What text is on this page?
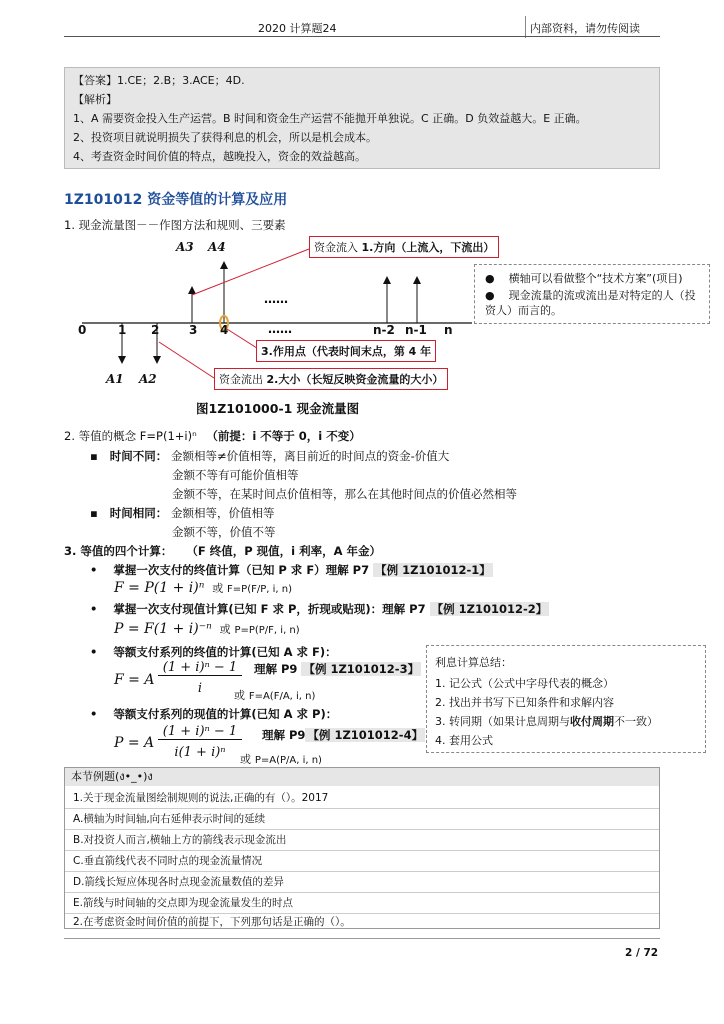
2020 计算题24	内部资料，请勿传阅读
【答案】1.CE；2.B；3.ACE；4D.
【解析】
1、A 需要资金投入生产运营。B 时间和资金生产运营不能拋开单独说。C 正确。D 负效益越大。E 正确。
2、投资项目就说明损失了获得利息的机会，所以是机会成本。
4、考查资金时间价值的特点，越晚投入，资金的效益越高。
1Z101012 资金等值的计算及应用
1. 现金流量图－－作图方法和规则、三要素
A3 A4
A1 A2
0	1 2 3 4	n-2 n-1 n
……
……
资金流入 1.方向（上流入，下流出）
3.作用点（代表时间末点，第 4 年
资金流出 2.大小（长短反映资金流量的大小）
●    横轴可以看做整个“技术方案”(项目)
●    现金流量的流或流出是对特定的人（投资人）而言的。
图1Z101000-1 现金流量图
2. 等值的概念 F=P(1+i)ⁿ （前提：i 不等于 0，i 不变）
▪ 时间不同： 金额相等≠价值相等，离目前近的时间点的资金-价值大
金额不等有可能价值相等
金额不等，在某时间点价值相等，那么在其他时间点的价值必然相等
▪ 时间相同： 金额相等，价值相等
金额不等，价值不等
3. 等值的四个计算： （F 终值，P 现值，i 利率，A 年金）
•    掌握一次支付的终值计算（已知 P 求 F）理解 P7 【例 1Z101012-1】
F = P(1 + i)ⁿ 或 F=P(F/P, i, n)
•    掌握一次支付现值计算(已知 F 求 P，折现或贴现)：理解 P7 【例 1Z101012-2】
P = F(1 + i)⁻ⁿ 或 P=P(P/F, i, n)
•    等额支付系列的终值的计算(已知 A 求 F)：
F = A
(1 + i)ⁿ − 1
i
理解 P9 【例 1Z101012-3】
或 F=A(F/A, i, n)
•    等额支付系列的现值的计算(已知 A 求 P)：
P = A
(1 + i)ⁿ − 1
i(1 + i)ⁿ
理解 P9 【例 1Z101012-4】
或 P=A(P/A, i, n)
利息计算总结：
1. 记公式（公式中字母代表的概念）
2. 找出并书写下已知条件和求解内容
3. 转同期（如果计息周期与收付周期不一致）
4. 套用公式
本节例题(ง•_•)ง
1.关于现金流量图绘制规则的说法,正确的有（）。2017
A.横轴为时间轴,向右延伸表示时间的延续
B.对投资人而言,横轴上方的箭线表示现金流出
C.垂直箭线代表不同时点的现金流量情况
D.箭线长短应体现各时点现金流量数值的差异
E.箭线与时间轴的交点即为现金流量发生的时点
2.在考虑资金时间价值的前提下，下列那句话是正确的（）。
2 / 72
